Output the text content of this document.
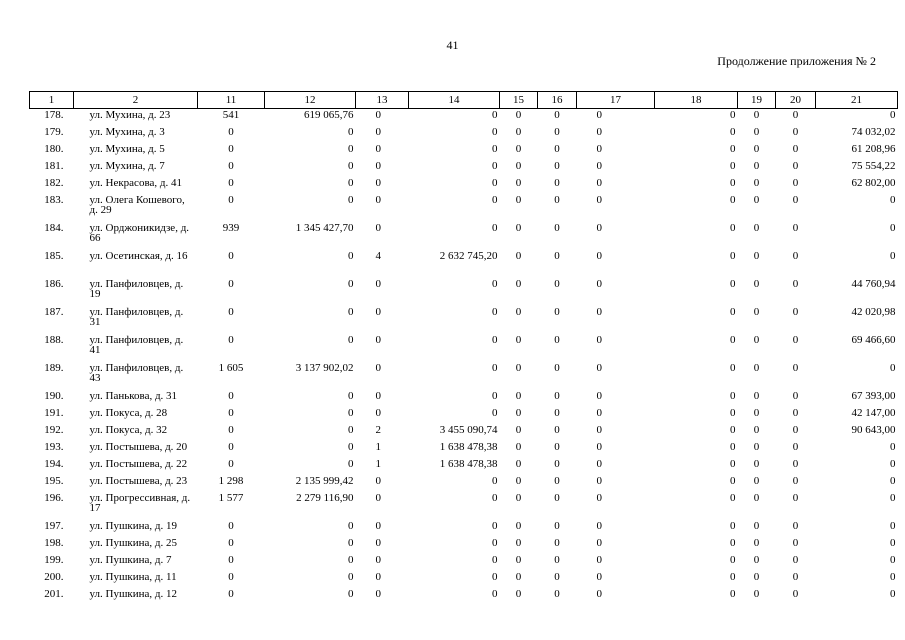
41
Продолжение приложения № 2
1	2	11	12	13	14	15	16	17	18	19	20	21
178.	ул. Мухина, д. 23	541	619 065,76	0	0	0	0	0	0	0	0	0
179.	ул. Мухина, д. 3	0	0	0	0	0	0	0	0	0	0	74 032,02
180.	ул. Мухина, д. 5	0	0	0	0	0	0	0	0	0	0	61 208,96
181.	ул. Мухина, д. 7	0	0	0	0	0	0	0	0	0	0	75 554,22
182.	ул. Некрасова, д. 41	0	0	0	0	0	0	0	0	0	0	62 802,00
183.	ул. Олега Кошевого, д. 29	0	0	0	0	0	0	0	0	0	0	0
184.	ул. Орджоникидзе, д. 66	939	1 345 427,70	0	0	0	0	0	0	0	0	0
185.	ул. Осетинская, д. 16	0	0	4	2 632 745,20	0	0	0	0	0	0	0
186.	ул. Панфиловцев, д. 19	0	0	0	0	0	0	0	0	0	0	44 760,94
187.	ул. Панфиловцев, д. 31	0	0	0	0	0	0	0	0	0	0	42 020,98
188.	ул. Панфиловцев, д. 41	0	0	0	0	0	0	0	0	0	0	69 466,60
189.	ул. Панфиловцев, д. 43	1 605	3 137 902,02	0	0	0	0	0	0	0	0	0
190.	ул. Панькова, д. 31	0	0	0	0	0	0	0	0	0	0	67 393,00
191.	ул. Покуса, д. 28	0	0	0	0	0	0	0	0	0	0	42 147,00
192.	ул. Покуса, д. 32	0	0	2	3 455 090,74	0	0	0	0	0	0	90 643,00
193.	ул. Постышева, д. 20	0	0	1	1 638 478,38	0	0	0	0	0	0	0
194.	ул. Постышева, д. 22	0	0	1	1 638 478,38	0	0	0	0	0	0	0
195.	ул. Постышева, д. 23	1 298	2 135 999,42	0	0	0	0	0	0	0	0	0
196.	ул. Прогрессивная, д. 17	1 577	2 279 116,90	0	0	0	0	0	0	0	0	0
197.	ул. Пушкина, д. 19	0	0	0	0	0	0	0	0	0	0	0
198.	ул. Пушкина, д. 25	0	0	0	0	0	0	0	0	0	0	0
199.	ул. Пушкина, д. 7	0	0	0	0	0	0	0	0	0	0	0
200.	ул. Пушкина, д. 11	0	0	0	0	0	0	0	0	0	0	0
201.	ул. Пушкина, д. 12	0	0	0	0	0	0	0	0	0	0	0
